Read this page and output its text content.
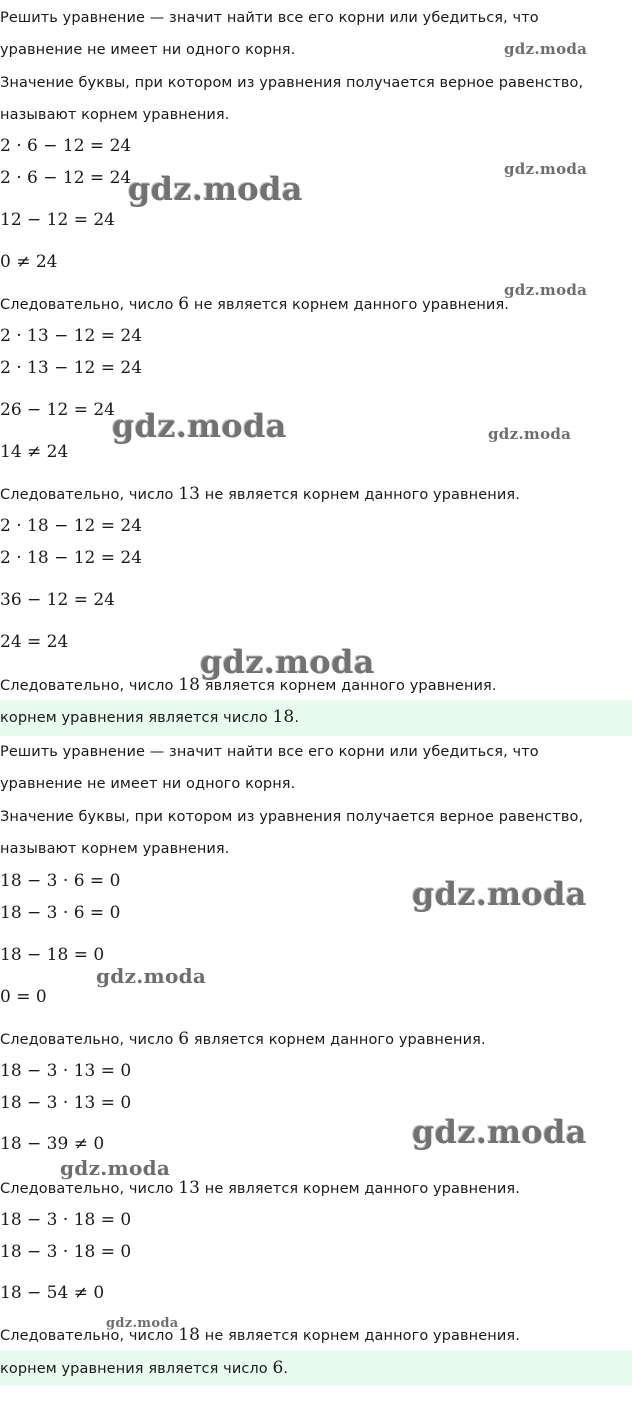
Решить уравнение — значит найти все его корни или убедиться, что

уравнение не имеет ни одного корня.

Значение буквы, при котором из уравнения получается верное равенство,

называют корнем уравнения.

2 · 6 − 12 = 24

2 · 6 − 12 = 24

12 − 12 = 24

0 ≠ 24

Следовательно, число 6 не является корнем данного уравнения.

2 · 13 − 12 = 24

2 · 13 − 12 = 24

26 − 12 = 24

14 ≠ 24

Следовательно, число 13 не является корнем данного уравнения.

2 · 18 − 12 = 24

2 · 18 − 12 = 24

36 − 12 = 24

24 = 24

Следовательно, число 18 является корнем данного уравнения.

корнем уравнения является число 18.

Решить уравнение — значит найти все его корни или убедиться, что

уравнение не имеет ни одного корня.

Значение буквы, при котором из уравнения получается верное равенство,

называют корнем уравнения.

18 − 3 · 6 = 0

18 − 3 · 6 = 0

18 − 18 = 0

0 = 0

Следовательно, число 6 является корнем данного уравнения.

18 − 3 · 13 = 0

18 − 3 · 13 = 0

18 − 39 ≠ 0

Следовательно, число 13 не является корнем данного уравнения.

18 − 3 · 18 = 0

18 − 3 · 18 = 0

18 − 54 ≠ 0

Следовательно, число 18 не является корнем данного уравнения.

корнем уравнения является число 6.

gdz.moda
gdz.moda
gdz.moda
gdz.moda
gdz.moda	gdz.moda
gdz.moda
gdz.moda
gdz.moda
gdz.moda
gdz.moda
gdz.moda
